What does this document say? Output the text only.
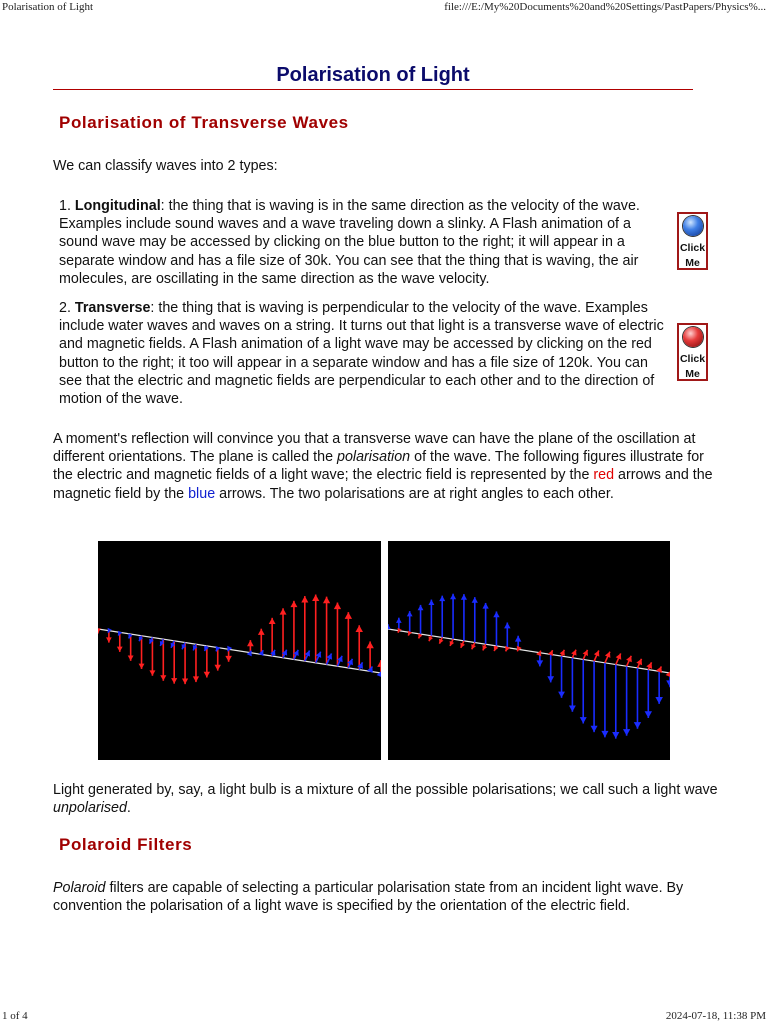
Polarisation of Light	file:///E:/My%20Documents%20and%20Settings/PastPapers/Physics%...
Polarisation of Light
Polarisation of Transverse Waves

We can classify waves into 2 types:

1. Longitudinal: the thing that is waving is in the same direction as the velocity of the wave. Examples include sound waves and a wave traveling down a slinky. A Flash animation of a sound wave may be accessed by clicking on the blue button to the right; it will appear in a separate window and has a file size of 30k. You can see that the thing that is waving, the air molecules, are oscillating in the same direction as the wave velocity.

Click
Me

2. Transverse: the thing that is waving is perpendicular to the velocity of the wave. Examples include water waves and waves on a string. It turns out that light is a transverse wave of electric and magnetic fields. A Flash animation of a light wave may be accessed by clicking on the red button to the right; it too will appear in a separate window and has a file size of 120k. You can see that the electric and magnetic fields are perpendicular to each other and to the direction of motion of the wave.

Click
Me

A moment's reflection will convince you that a transverse wave can have the plane of the oscillation at different orientations. The plane is called the polarisation of the wave. The following figures illustrate for the electric and magnetic fields of a light wave; the electric field is represented by the red arrows and the magnetic field by the blue arrows. The two polarisations are at right angles to each other.

Light generated by, say, a light bulb is a mixture of all the possible polarisations; we call such a light wave unpolarised.

Polaroid Filters

Polaroid filters are capable of selecting a particular polarisation state from an incident light wave. By convention the polarisation of a light wave is specified by the orientation of the electric field.

1 of 4	2024-07-18, 11:38 PM
